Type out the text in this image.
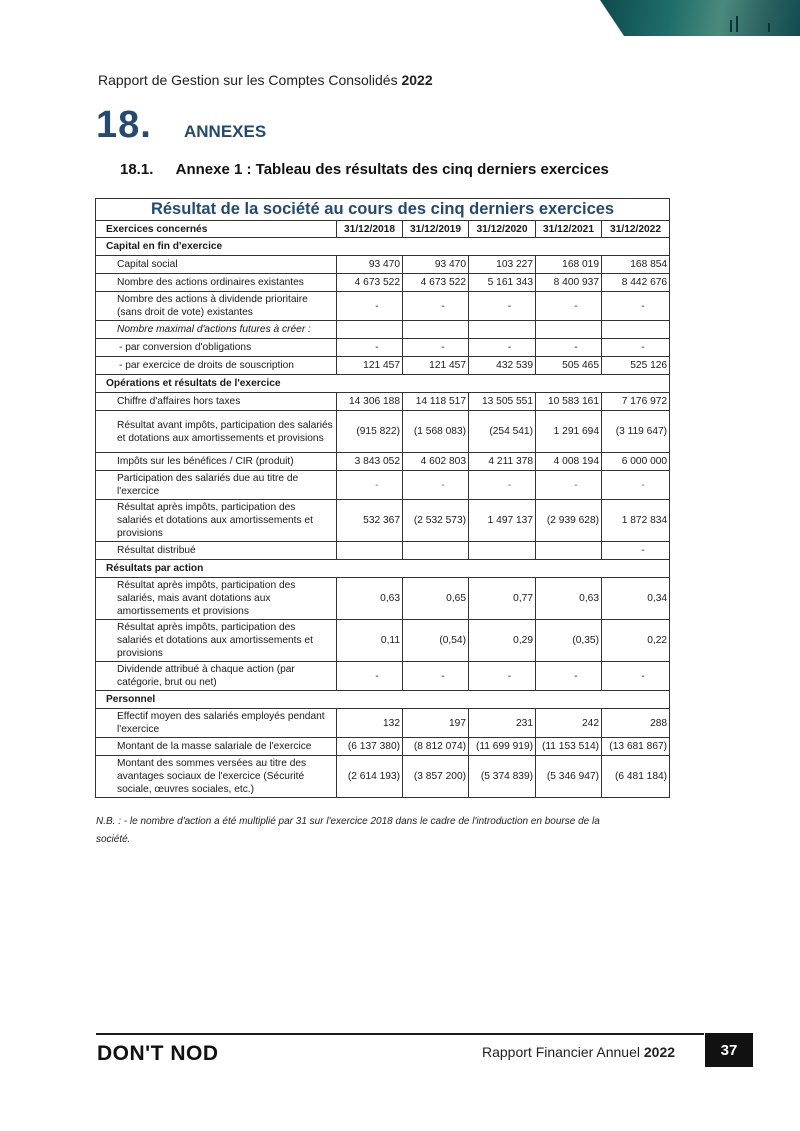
Rapport de Gestion sur les Comptes Consolidés 2022
18. ANNEXES
18.1. Annexe 1 : Tableau des résultats des cinq derniers exercices
Résultat de la société au cours des cinq derniers exercices					
Exercices concernés	31/12/2018	31/12/2019	31/12/2020	31/12/2021	31/12/2022
Capital en fin d'exercice					
Capital social	93 470	93 470	103 227	168 019	168 854
Nombre des actions ordinaires existantes	4 673 522	4 673 522	5 161 343	8 400 937	8 442 676
Nombre des actions à dividende prioritaire (sans droit de vote) existantes	-	-	-	-	-
Nombre maximal d'actions futures à créer :					
- par conversion d'obligations	-	-	-	-	-
- par exercice de droits de souscription	121 457	121 457	432 539	505 465	525 126
Opérations et résultats de l'exercice					
Chiffre d'affaires hors taxes	14 306 188	14 118 517	13 505 551	10 583 161	7 176 972
Résultat avant impôts, participation des salariés et dotations aux amortissements et provisions	(915 822)	(1 568 083)	(254 541)	1 291 694	(3 119 647)
Impôts sur les bénéfices / CIR (produit)	3 843 052	4 602 803	4 211 378	4 008 194	6 000 000
Participation des salariés due au titre de l'exercice	-	-	-	-	-
Résultat après impôts, participation des salariés et dotations aux amortissements et provisions	532 367	(2 532 573)	1 497 137	(2 939 628)	1 872 834
Résultat distribué					-
Résultats par action					
Résultat après impôts, participation des salariés, mais avant dotations aux amortissements et provisions	0,63	0,65	0,77	0,63	0,34
Résultat après impôts, participation des salariés et dotations aux amortissements et provisions	0,11	(0,54)	0,29	(0,35)	0,22
Dividende attribué à chaque action (par catégorie, brut ou net)	-	-	-	-	-
Personnel					
Effectif moyen des salariés employés pendant l'exercice	132	197	231	242	288
Montant de la masse salariale de l'exercice	(6 137 380)	(8 812 074)	(11 699 919)	(11 153 514)	(13 681 867)
Montant des sommes versées au titre des avantages sociaux de l'exercice (Sécurité sociale, œuvres sociales, etc.)	(2 614 193)	(3 857 200)	(5 374 839)	(5 346 947)	(6 481 184)
N.B. : - le nombre d'action a été multiplié par 31 sur l'exercice 2018 dans le cadre de l'introduction en bourse de la société.
DON'T NOD	Rapport Financier Annuel 2022	37
